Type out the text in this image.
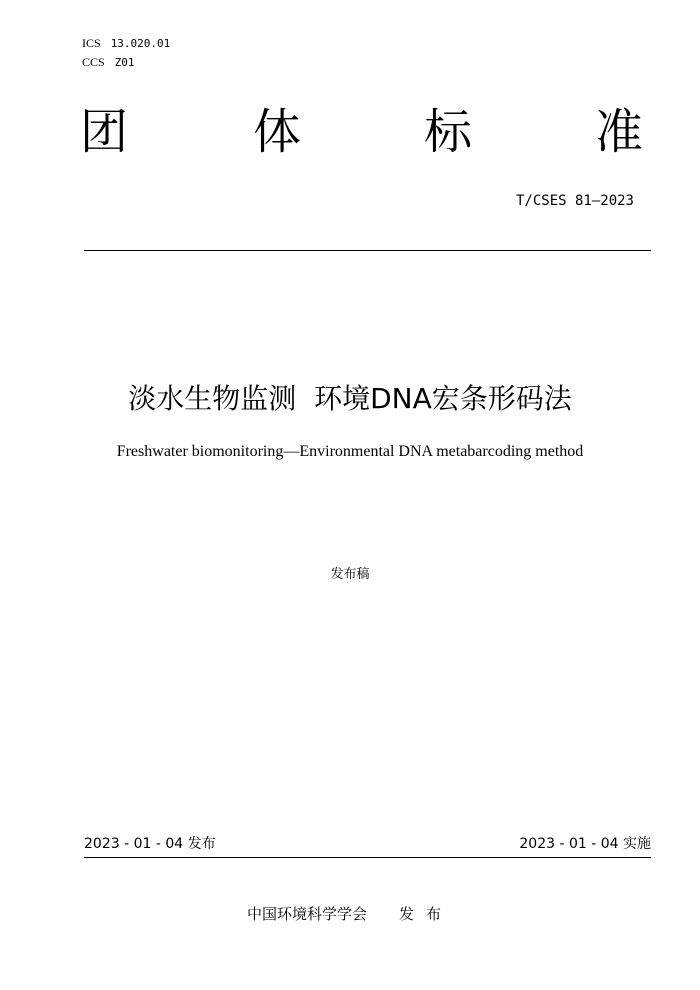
ICS 13.020.01
CCS Z01
团	体	标	准
T/CSES 81—2023
淡水生物监测  环境DNA宏条形码法
Freshwater biomonitoring—Environmental DNA metabarcoding method
发布稿
2023 - 01 - 04 发布	2023 - 01 - 04 实施
中国环境科学学会 发布
